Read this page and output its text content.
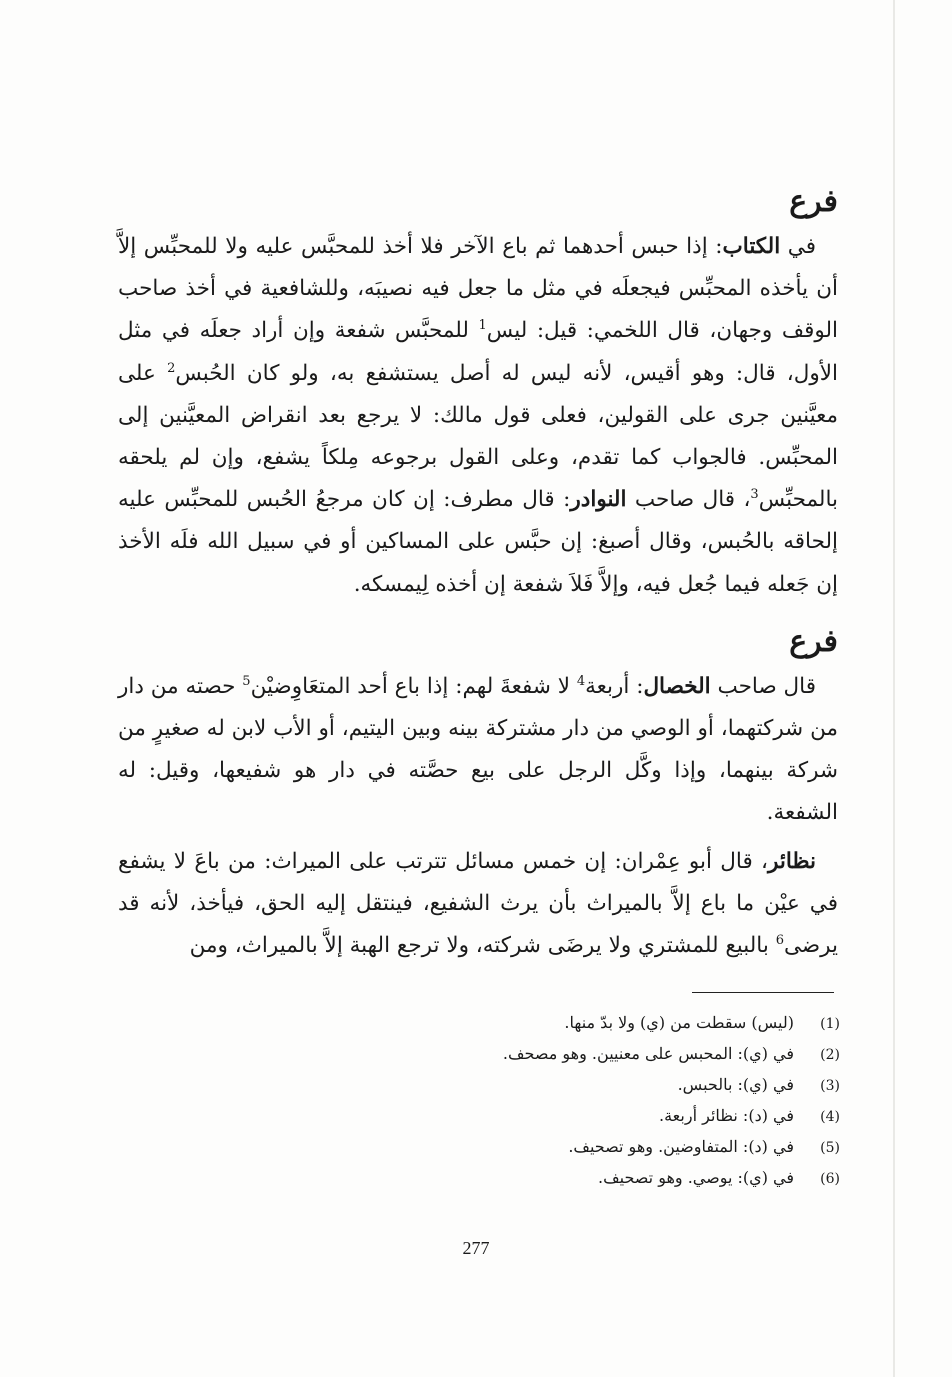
فرع

في الكتاب: إذا حبس أحدهما ثم باع الآخر فلا أخذ للمحبَّس عليه ولا للمحبِّس إلاَّ أن يأخذه المحبِّس فيجعلَه في مثل ما جعل فيه نصيبَه، وللشافعية في أخذ صاحب الوقف وجهان، قال اللخمي: قيل: ليس$^1$ للمحبَّس شفعة وإن أراد جعلَه في مثل الأول، قال: وهو أقيس، لأنه ليس له أصل يستشفع به، ولو كان الحُبس$^2$ على معيَّنين جرى على القولين، فعلى قول مالك: لا يرجع بعد انقراض المعيَّنين إلى المحبِّس. فالجواب كما تقدم، وعلى القول برجوعه مِلكاً يشفع، وإن لم يلحقه بالمحبِّس$^3$، قال صاحب النوادر: قال مطرف: إن كان مرجعُ الحُبس للمحبِّس عليه إلحاقه بالحُبس، وقال أصبغ: إن حبَّس على المساكين أو في سبيل الله فلَه الأخذ إن جَعله فيما جُعل فيه، وإلاَّ فَلاَ شفعة إن أخذه لِيمسكه.

فرع

قال صاحب الخصال: أربعة$^4$ لا شفعةَ لهم: إذا باع أحد المتعَاوِضيْن$^5$ حصته من دار من شركتهما، أو الوصي من دار مشتركة بينه وبين اليتيم، أو الأب لابن له صغيرٍ من شركة بينهما، وإذا وكَّل الرجل على بيع حصَّته في دار هو شفيعها، وقيل: له الشفعة.

نظائر، قال أبو عِمْران: إن خمس مسائل تترتب على الميراث: من باعَ لا يشفع في عيْن ما باع إلاَّ بالميراث بأن يرث الشفيع، فينتقل إليه الحق، فيأخذ، لأنه قد يرضى$^6$ بالبيع للمشتري ولا يرضَى شركته، ولا ترجع الهبة إلاَّ بالميراث، ومن

(1)
(ليس) سقطت من (ي) ولا بدّ منها.
(2)
في (ي): المحبس على معنيين. وهو مصحف.
(3)
في (ي): بالحبس.
(4)
في (د): نظائر أربعة.
(5)
في (د): المتفاوضين. وهو تصحيف.
(6)
في (ي): يوصي. وهو تصحيف.
277
